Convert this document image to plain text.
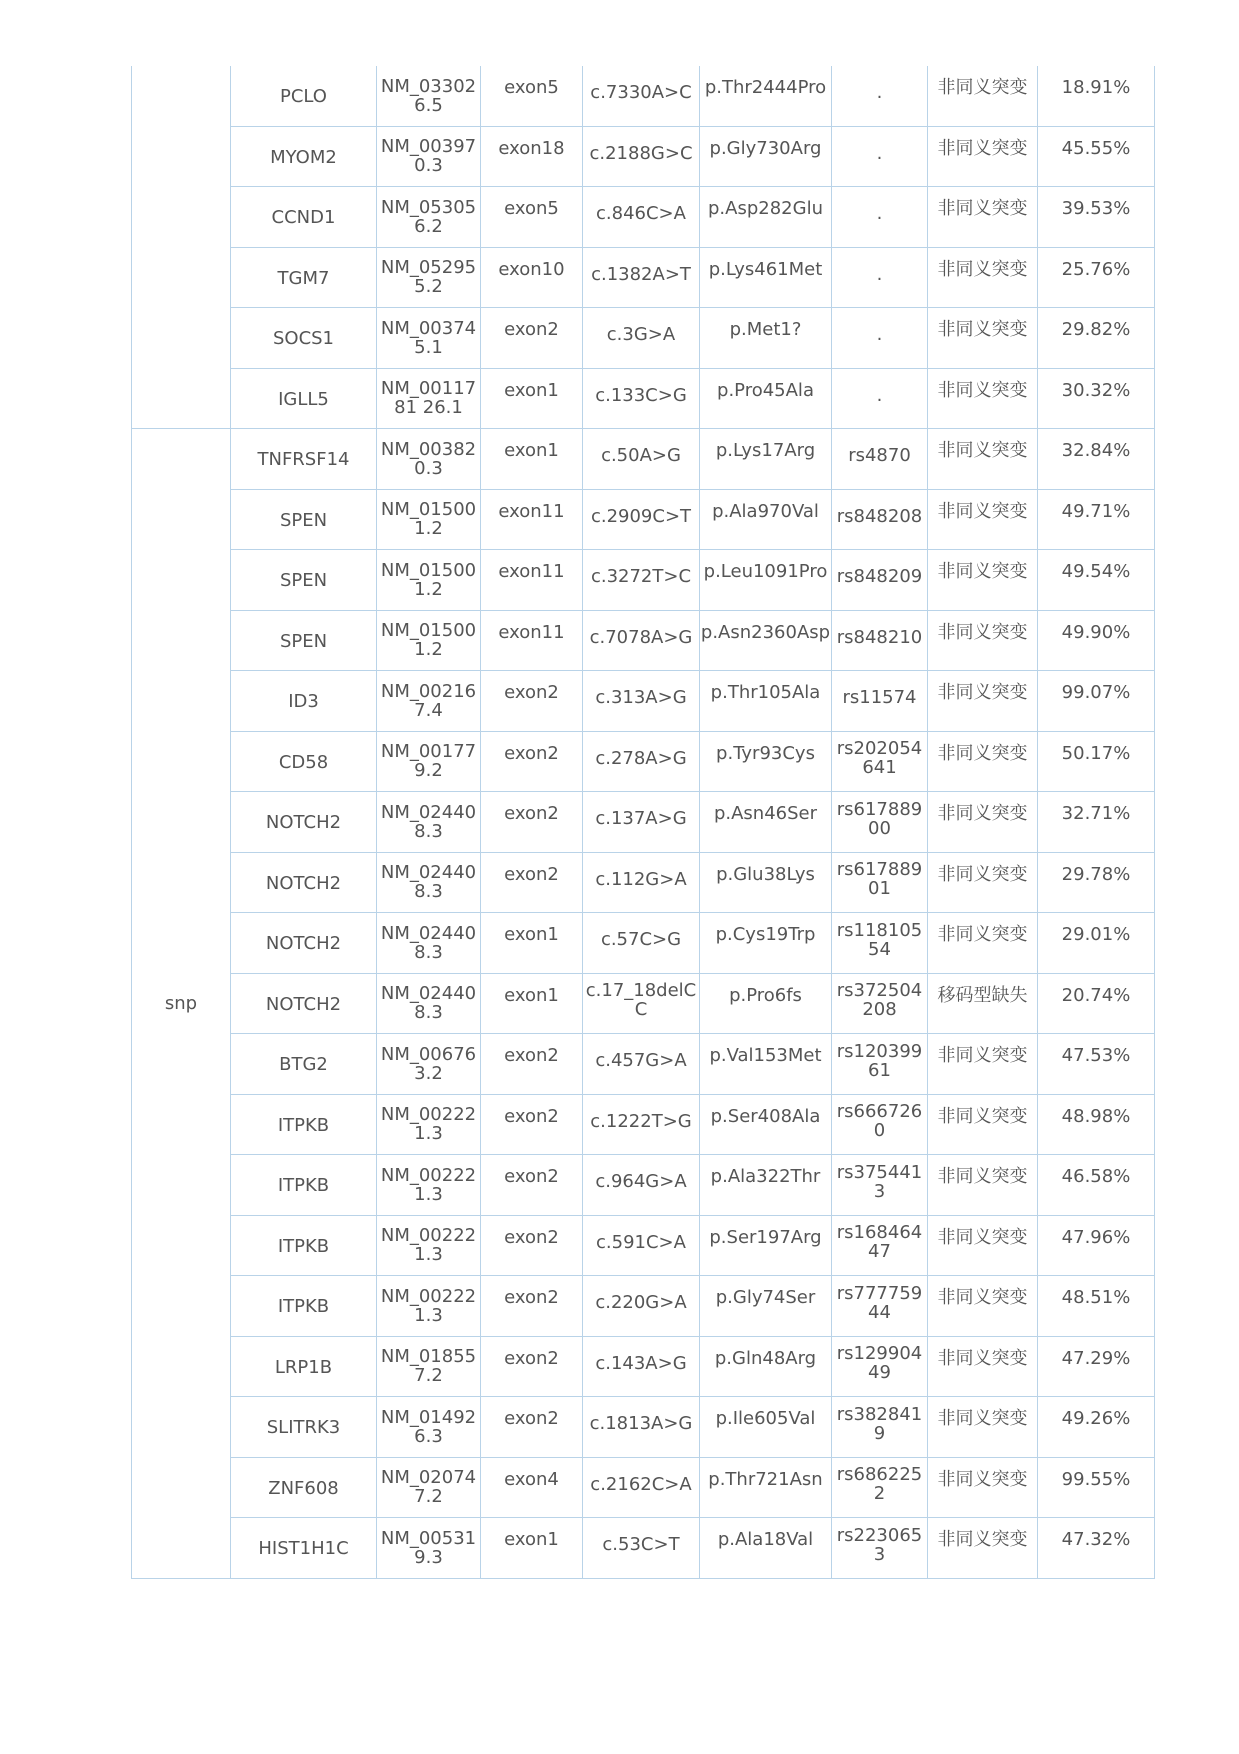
	PCLO	NM_033026.5	exon5	c.7330A>C	p.Thr2444Pro	.	非同义突变	18.91%

	MYOM2	NM_003970.3	exon18	c.2188G>C	p.Gly730Arg	.	非同义突变	45.55%

	CCND1	NM_053056.2	exon5	c.846C>A	p.Asp282Glu	.	非同义突变	39.53%

	TGM7	NM_052955.2	exon10	c.1382A>T	p.Lys461Met	.	非同义突变	25.76%

	SOCS1	NM_003745.1	exon2	c.3G>A	p.Met1?	.	非同义突变	29.82%

	IGLL5	NM_0011781 26.1	exon1	c.133C>G	p.Pro45Ala	.	非同义突变	30.32%

snp	TNFRSF14	NM_003820.3	exon1	c.50A>G	p.Lys17Arg	rs4870	非同义突变	32.84%

	SPEN	NM_015001.2	exon11	c.2909C>T	p.Ala970Val	rs848208	非同义突变	49.71%

	SPEN	NM_015001.2	exon11	c.3272T>C	p.Leu1091Pro	rs848209	非同义突变	49.54%

	SPEN	NM_015001.2	exon11	c.7078A>G	p.Asn2360Asp	rs848210	非同义突变	49.90%

	ID3	NM_002167.4	exon2	c.313A>G	p.Thr105Ala	rs11574	非同义突变	99.07%

	CD58	NM_001779.2	exon2	c.278A>G	p.Tyr93Cys	rs202054641	非同义突变	50.17%

	NOTCH2	NM_024408.3	exon2	c.137A>G	p.Asn46Ser	rs61788900	非同义突变	32.71%

	NOTCH2	NM_024408.3	exon2	c.112G>A	p.Glu38Lys	rs61788901	非同义突变	29.78%

	NOTCH2	NM_024408.3	exon1	c.57C>G	p.Cys19Trp	rs11810554	非同义突变	29.01%

	NOTCH2	NM_024408.3	exon1	c.17_18delCC	p.Pro6fs	rs372504208	移码型缺失	20.74%

	BTG2	NM_006763.2	exon2	c.457G>A	p.Val153Met	rs12039961	非同义突变	47.53%

	ITPKB	NM_002221.3	exon2	c.1222T>G	p.Ser408Ala	rs6667260	非同义突变	48.98%

	ITPKB	NM_002221.3	exon2	c.964G>A	p.Ala322Thr	rs3754413	非同义突变	46.58%

	ITPKB	NM_002221.3	exon2	c.591C>A	p.Ser197Arg	rs16846447	非同义突变	47.96%

	ITPKB	NM_002221.3	exon2	c.220G>A	p.Gly74Ser	rs77775944	非同义突变	48.51%

	LRP1B	NM_018557.2	exon2	c.143A>G	p.Gln48Arg	rs12990449	非同义突变	47.29%

	SLITRK3	NM_014926.3	exon2	c.1813A>G	p.Ile605Val	rs3828419	非同义突变	49.26%

	ZNF608	NM_020747.2	exon4	c.2162C>A	p.Thr721Asn	rs6862252	非同义突变	99.55%

	HIST1H1C	NM_005319.3	exon1	c.53C>T	p.Ala18Val	rs2230653	非同义突变	47.32%
